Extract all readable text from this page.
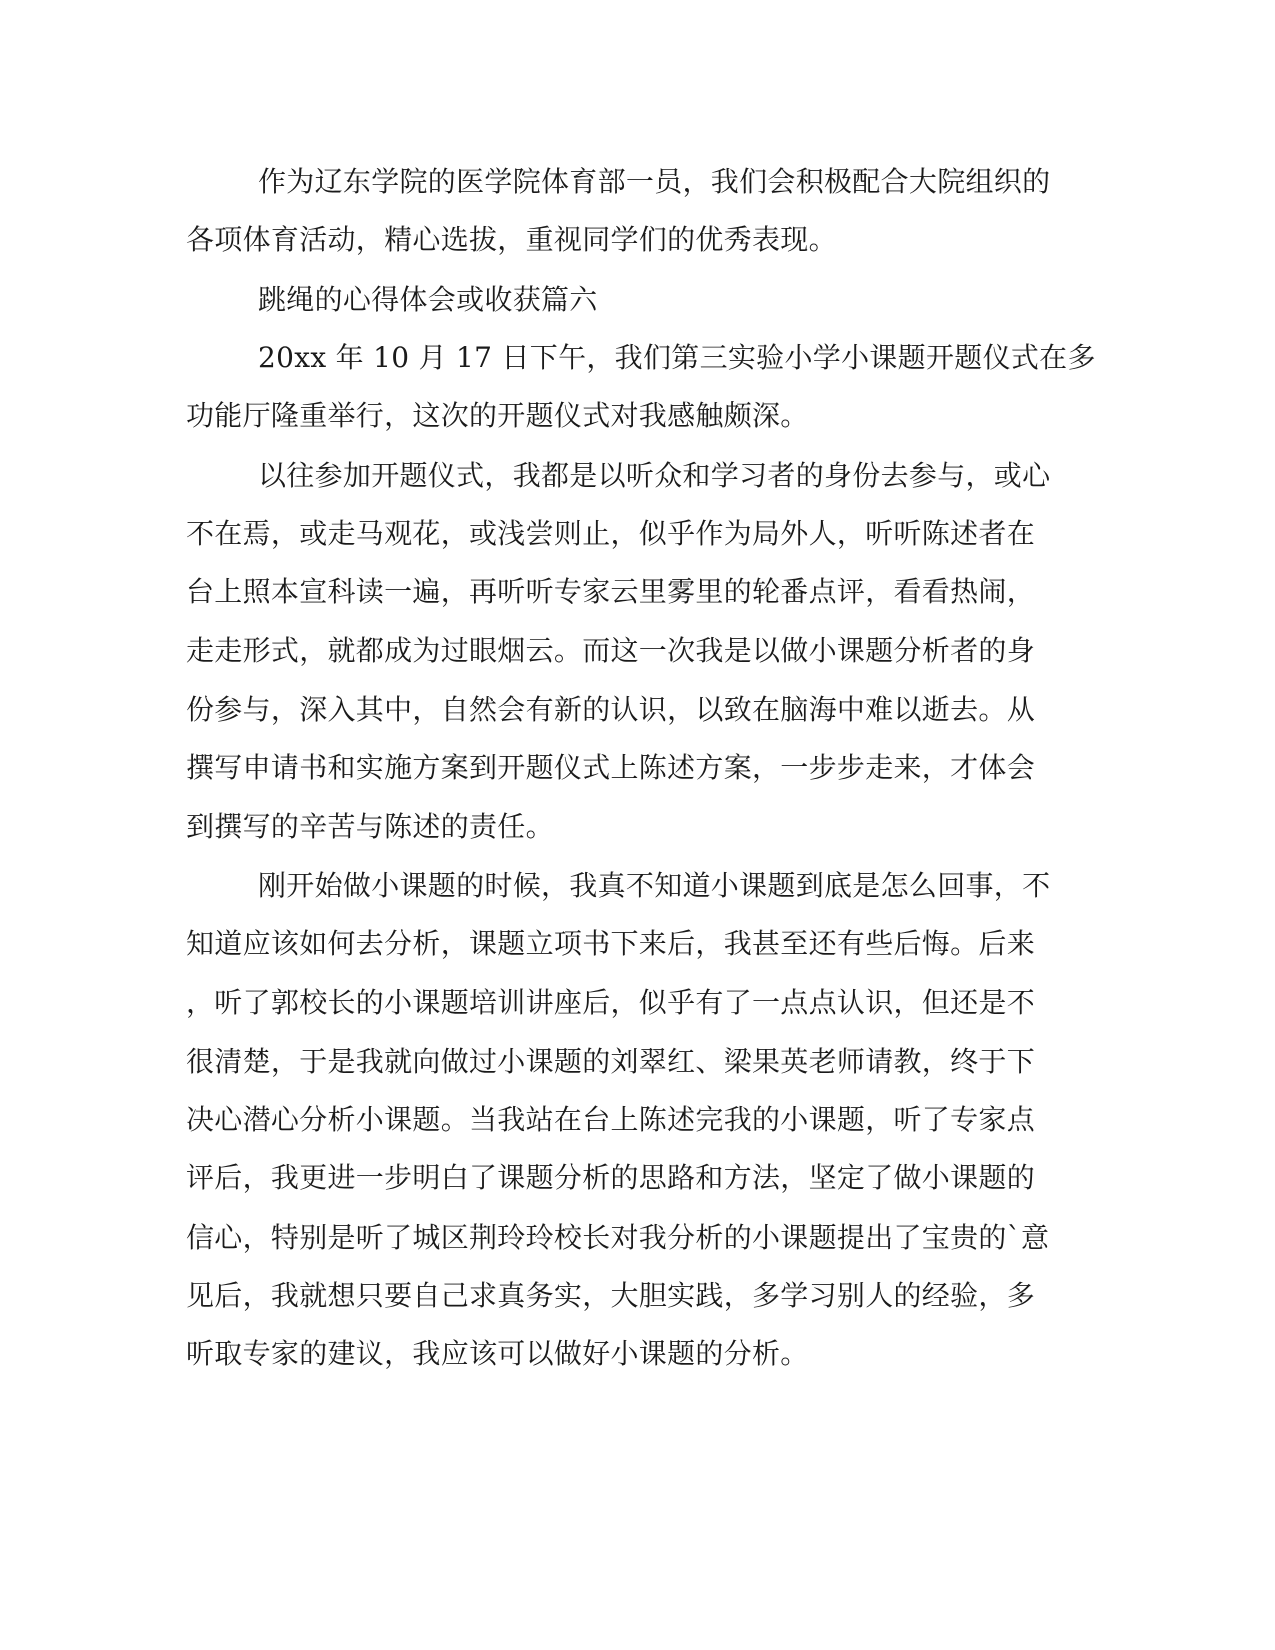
作为辽东学院的医学院体育部一员，我们会积极配合大院组织的
各项体育活动，精心选拔，重视同学们的优秀表现。
跳绳的心得体会或收获篇六
20xx 年 10 月 17 日下午，我们第三实验小学小课题开题仪式在多
功能厅隆重举行，这次的开题仪式对我感触颇深。
以往参加开题仪式，我都是以听众和学习者的身份去参与，或心
不在焉，或走马观花，或浅尝则止，似乎作为局外人，听听陈述者在
台上照本宣科读一遍，再听听专家云里雾里的轮番点评，看看热闹，
走走形式，就都成为过眼烟云。而这一次我是以做小课题分析者的身
份参与，深入其中，自然会有新的认识，以致在脑海中难以逝去。从
撰写申请书和实施方案到开题仪式上陈述方案，一步步走来，才体会
到撰写的辛苦与陈述的责任。
刚开始做小课题的时候，我真不知道小课题到底是怎么回事，不
知道应该如何去分析，课题立项书下来后，我甚至还有些后悔。后来
，听了郭校长的小课题培训讲座后，似乎有了一点点认识，但还是不
很清楚，于是我就向做过小课题的刘翠红、梁果英老师请教，终于下
决心潜心分析小课题。当我站在台上陈述完我的小课题，听了专家点
评后，我更进一步明白了课题分析的思路和方法，坚定了做小课题的
信心，特别是听了城区荆玲玲校长对我分析的小课题提出了宝贵的`意
见后，我就想只要自己求真务实，大胆实践，多学习别人的经验，多
听取专家的建议，我应该可以做好小课题的分析。
